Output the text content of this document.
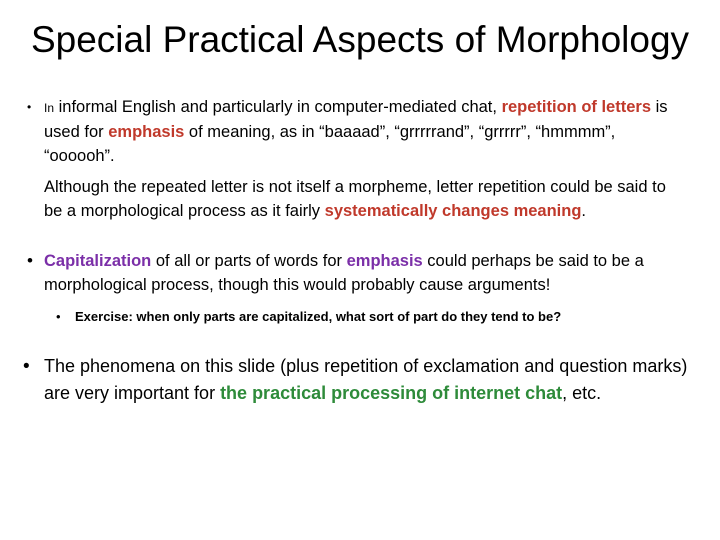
Special Practical Aspects of Morphology
• In informal English and particularly in computer-mediated chat, repetition of letters is used for emphasis of meaning, as in “baaaad”, “grrrrrand”, “grrrrr”, “hmmmm”, “oooooh”.
Although the repeated letter is not itself a morpheme, letter repetition could be said to be a morphological process as it fairly systematically changes meaning.
• Capitalization of all or parts of words for emphasis could perhaps be said to be a morphological process, though this would probably cause arguments!
• Exercise: when only parts are capitalized, what sort of part do they tend to be?
• The phenomena on this slide (plus repetition of exclamation and question marks) are very important for the practical processing of internet chat, etc.
